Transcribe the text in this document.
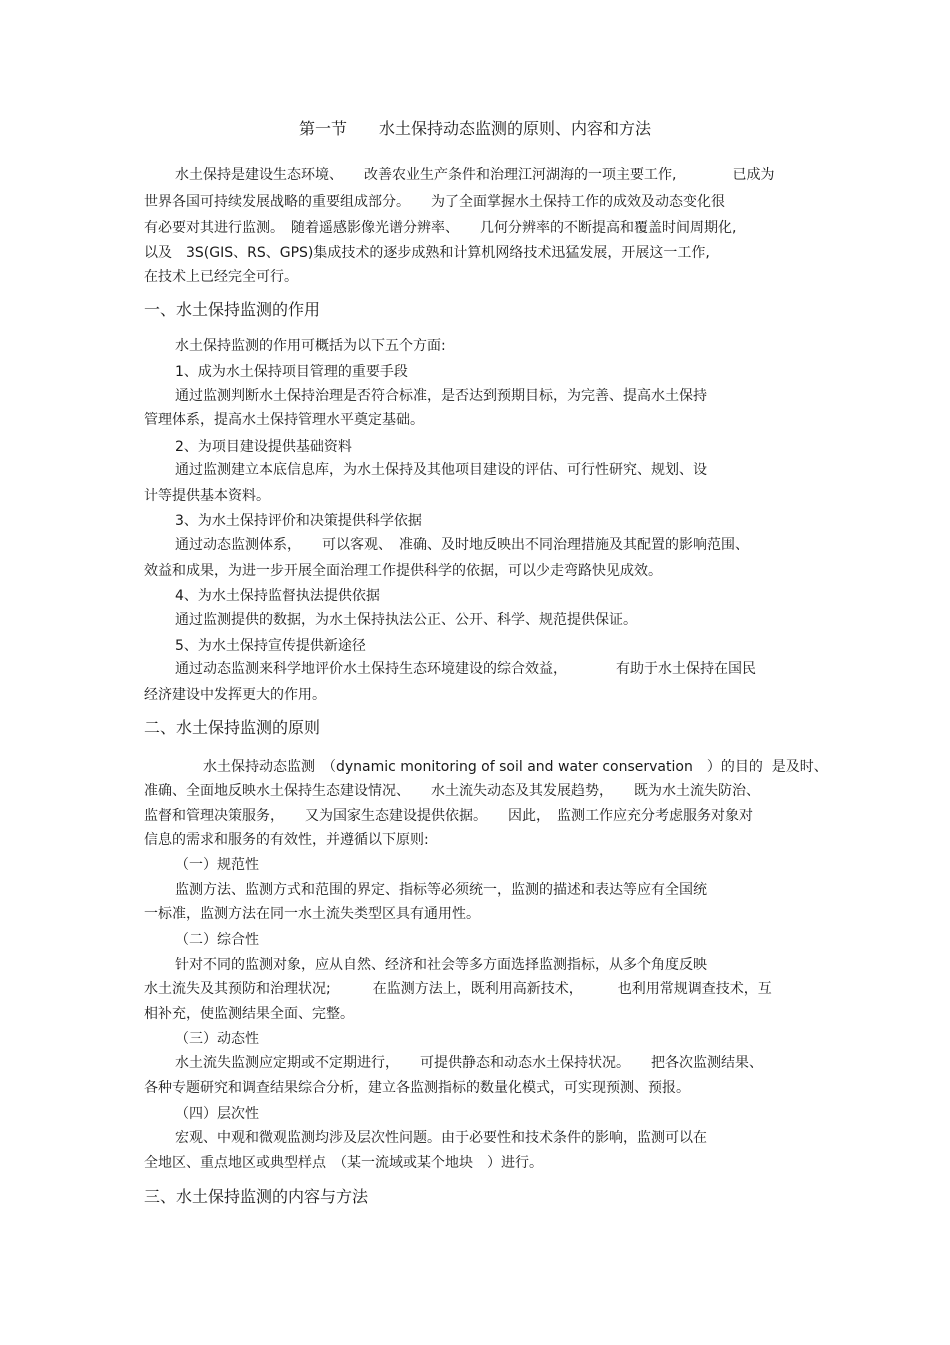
第一节　　水土保持动态监测的原则、内容和方法
水土保持是建设生态环境、　　改善农业生产条件和治理江河湖海的一项主要工作,　　　　已成为
世界各国可持续发展战略的重要组成部分。　　为了全面掌握水土保持工作的成效及动态变化很
有必要对其进行监测。　随着遥感影像光谱分辨率、　　几何分辨率的不断提高和覆盖时间周期化,
以及　3S(GIS、RS、GPS)集成技术的逐步成熟和计算机网络技术迅猛发展，开展这一工作,
在技术上已经完全可行。
一、水土保持监测的作用
水土保持监测的作用可概括为以下五个方面:
1、成为水土保持项目管理的重要手段
通过监测判断水土保持治理是否符合标准，是否达到预期目标，为完善、提高水土保持
管理体系，提高水土保持管理水平奠定基础。
2、为项目建设提供基础资料
通过监测建立本底信息库，为水土保持及其他项目建设的评估、可行性研究、规划、设
计等提供基本资料。
3、为水土保持评价和决策提供科学依据
通过动态监测体系，　　可以客观、　准确、及时地反映出不同治理措施及其配置的影响范围、
效益和成果，为进一步开展全面治理工作提供科学的依据，可以少走弯路快见成效。
4、为水土保持监督执法提供依据
通过监测提供的数据，为水土保持执法公正、公开、科学、规范提供保证。
5、为水土保持宣传提供新途径
通过动态监测来科学地评价水土保持生态环境建设的综合效益，　　　　有助于水土保持在国民
经济建设中发挥更大的作用。
二、水土保持监测的原则
　　水土保持动态监测　（dynamic monitoring of soil and water conservation　）的目的  是及时、
准确、全面地反映水土保持生态建设情况、　　水土流失动态及其发展趋势，　　既为水土流失防治、
监督和管理决策服务，　　又为国家生态建设提供依据。　　因此，　监测工作应充分考虑服务对象对
信息的需求和服务的有效性，并遵循以下原则:
（一）规范性
监测方法、监测方式和范围的界定、指标等必须统一，监测的描述和表达等应有全国统
一标准，监测方法在同一水土流失类型区具有通用性。
（二）综合性
针对不同的监测对象，应从自然、经济和社会等多方面选择监测指标，从多个角度反映
水土流失及其预防和治理状况;　　　在监测方法上，既利用高新技术，　　　也利用常规调查技术，互
相补充，使监测结果全面、完整。
（三）动态性
水土流失监测应定期或不定期进行，　　可提供静态和动态水土保持状况。　　把各次监测结果、
各种专题研究和调查结果综合分析，建立各监测指标的数量化模式，可实现预测、预报。
（四）层次性
宏观、中观和微观监测均涉及层次性问题。由于必要性和技术条件的影响，监测可以在
全地区、重点地区或典型样点　（某一流域或某个地块　）进行。
三、水土保持监测的内容与方法
